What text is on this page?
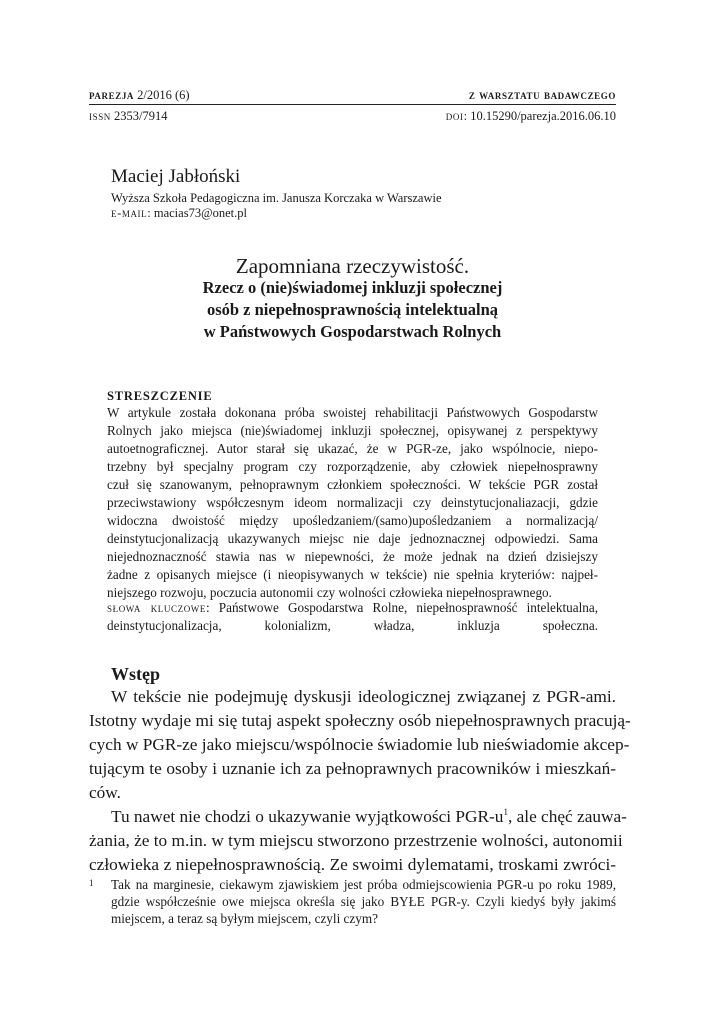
parezja 2/2016 (6)	z warsztatu badawczego
issn 2353/7914	doi: 10.15290/parezja.2016.06.10
Maciej Jabłoński
Wyższa Szkoła Pedagogiczna im. Janusza Korczaka w Warszawie
e-mail: macias73@onet.pl
Zapomniana rzeczywistość.
Rzecz o (nie)świadomej inkluzji społecznej
osób z niepełnosprawnością intelektualną
w Państwowych Gospodarstwach Rolnych
STRESZCZENIE
W artykule została dokonana próba swoistej rehabilitacji Państwowych Gospodarstw
Rolnych jako miejsca (nie)świadomej inkluzji społecznej, opisywanej z perspektywy
autoetnograficznej. Autor starał się ukazać, że w PGR-ze, jako wspólnocie, niepo-
trzebny był specjalny program czy rozporządzenie, aby człowiek niepełnosprawny
czuł się szanowanym, pełnoprawnym członkiem społeczności. W tekście PGR został
przeciwstawiony współczesnym ideom normalizacji czy deinstytucjonaliazacji, gdzie
widoczna dwoistość między upośledzaniem/(samo)upośledzaniem a normalizacją/
deinstytucjonalizacją ukazywanych miejsc nie daje jednoznacznej odpowiedzi. Sama
niejednoznaczność stawia nas w niepewności, że może jednak na dzień dzisiejszy
żadne z opisanych miejsce (i nieopisywanych w tekście) nie spełnia kryteriów: najpeł-
niejszego rozwoju, poczucia autonomii czy wolności człowieka niepełnosprawnego.
słowa kluczowe: Państwowe Gospodarstwa Rolne, niepełnosprawność intelektualna,
deinstytucjonalizacja, kolonializm, władza, inkluzja społeczna.
Wstęp
W tekście nie podejmuję dyskusji ideologicznej związanej z PGR-ami.
Istotny wydaje mi się tutaj aspekt społeczny osób niepełnosprawnych pracują-
cych w PGR-ze jako miejscu/wspólnocie świadomie lub nieświadomie akcep-
tującym te osoby i uznanie ich za pełnoprawnych pracowników i mieszkań-
ców.
Tu nawet nie chodzi o ukazywanie wyjątkowości PGR-$u^1$, ale chęć zauwa-
żania, że to m.in. w tym miejscu stworzono przestrzenie wolności, autonomii
człowieka z niepełnosprawnością. Ze swoimi dylematami, troskami zwróci-
1 Tak na marginesie, ciekawym zjawiskiem jest próba odmiejscowienia PGR-u po roku 1989,
gdzie współcześnie owe miejsca określa się jako BYŁE PGR-y. Czyli kiedyś były jakimś
miejscem, a teraz są byłym miejscem, czyli czym?
